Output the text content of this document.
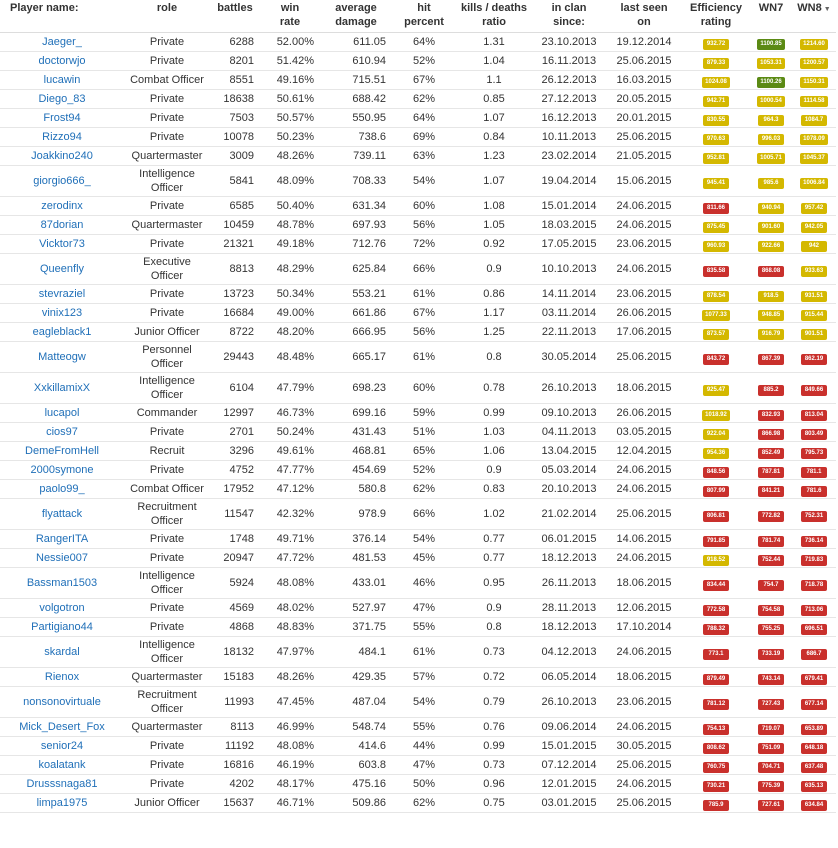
Player name:	role	battles	win
rate	average
damage	hit
percent	kills / deaths
ratio	in clan
since:	last seen
on	Efficiency
rating	WN7	WN8 ▼
Jaeger_	Private	6288	52.00%	611.05	64%	1.31	23.10.2013	19.12.2014	932.72	1100.85	1214.60
doctorwjo	Private	8201	51.42%	610.94	52%	1.04	16.11.2013	25.06.2015	879.33	1053.31	1200.57
lucawin	Combat Officer	8551	49.16%	715.51	67%	1.1	26.12.2013	16.03.2015	1024.08	1100.26	1150.31
Diego_83	Private	18638	50.61%	688.42	62%	0.85	27.12.2013	20.05.2015	942.71	1000.54	1114.58
Frost94	Private	7503	50.57%	550.95	64%	1.07	16.12.2013	20.01.2015	830.55	964.3	1084.7
Rizzo94	Private	10078	50.23%	738.6	69%	0.84	10.11.2013	25.06.2015	970.63	996.03	1078.09
Joakkino240	Quartermaster	3009	48.26%	739.11	63%	1.23	23.02.2014	21.05.2015	952.81	1005.71	1045.37
giorgio666_	Intelligence
Officer	5841	48.09%	708.33	54%	1.07	19.04.2014	15.06.2015	945.41	985.6	1006.84
zerodinx	Private	6585	50.40%	631.34	60%	1.08	15.01.2014	24.06.2015	811.66	940.94	957.42
87dorian	Quartermaster	10459	48.78%	697.93	56%	1.05	18.03.2015	24.06.2015	875.45	901.60	942.05
Vicktor73	Private	21321	49.18%	712.76	72%	0.92	17.05.2015	23.06.2015	960.93	922.66	942
Queenfly	Executive
Officer	8813	48.29%	625.84	66%	0.9	10.10.2013	24.06.2015	835.58	868.08	933.63
stevraziel	Private	13723	50.34%	553.21	61%	0.86	14.11.2014	23.06.2015	878.54	918.5	931.51
vinix123	Private	16684	49.00%	661.86	67%	1.17	03.11.2014	26.06.2015	1077.33	948.85	915.44
eagleblack1	Junior Officer	8722	48.20%	666.95	56%	1.25	22.11.2013	17.06.2015	873.57	916.79	901.51
Matteogw	Personnel
Officer	29443	48.48%	665.17	61%	0.8	30.05.2014	25.06.2015	843.72	867.39	862.19
XxkillamixX	Intelligence
Officer	6104	47.79%	698.23	60%	0.78	26.10.2013	18.06.2015	925.47	885.2	849.66
lucapol	Commander	12997	46.73%	699.16	59%	0.99	09.10.2013	26.06.2015	1018.92	832.93	813.04
cios97	Private	2701	50.24%	431.43	51%	1.03	04.11.2013	03.05.2015	922.04	866.98	803.49
DemeFromHell	Recruit	3296	49.61%	468.81	65%	1.06	13.04.2015	12.04.2015	954.36	852.49	795.73
2000symone	Private	4752	47.77%	454.69	52%	0.9	05.03.2014	24.06.2015	848.56	787.81	781.1
paolo99_	Combat Officer	17952	47.12%	580.8	62%	0.83	20.10.2013	24.06.2015	807.99	841.21	781.6
flyattack	Recruitment
Officer	11547	42.32%	978.9	66%	1.02	21.02.2014	25.06.2015	806.81	772.82	752.31
RangerITA	Private	1748	49.71%	376.14	54%	0.77	06.01.2015	14.06.2015	791.85	781.74	736.14
Nessie007	Private	20947	47.72%	481.53	45%	0.77	18.12.2013	24.06.2015	918.52	752.44	719.83
Bassman1503	Intelligence
Officer	5924	48.08%	433.01	46%	0.95	26.11.2013	18.06.2015	834.44	754.7	718.78
volgotron	Private	4569	48.02%	527.97	47%	0.9	28.11.2013	12.06.2015	772.58	754.58	713.06
Partigiano44	Private	4868	48.83%	371.75	55%	0.8	18.12.2013	17.10.2014	788.32	755.25	696.51
skardal	Intelligence
Officer	18132	47.97%	484.1	61%	0.73	04.12.2013	24.06.2015	773.1	733.19	686.7
Rienox	Quartermaster	15183	48.26%	429.35	57%	0.72	06.05.2014	18.06.2015	879.49	743.14	679.41
nonsonovirtuale	Recruitment
Officer	11993	47.45%	487.04	54%	0.79	26.10.2013	23.06.2015	781.12	727.43	677.14
Mick_Desert_Fox	Quartermaster	8113	46.99%	548.74	55%	0.76	09.06.2014	24.06.2015	754.13	719.07	653.89
senior24	Private	11192	48.08%	414.6	44%	0.99	15.01.2015	30.05.2015	808.62	751.09	648.18
koalatank	Private	16816	46.19%	603.8	47%	0.73	07.12.2014	25.06.2015	760.75	704.71	637.48
Drusssnaga81	Private	4202	48.17%	475.16	50%	0.96	12.01.2015	24.06.2015	730.21	775.39	635.13
limpa1975	Junior Officer	15637	46.71%	509.86	62%	0.75	03.01.2015	25.06.2015	785.9	727.61	634.84
